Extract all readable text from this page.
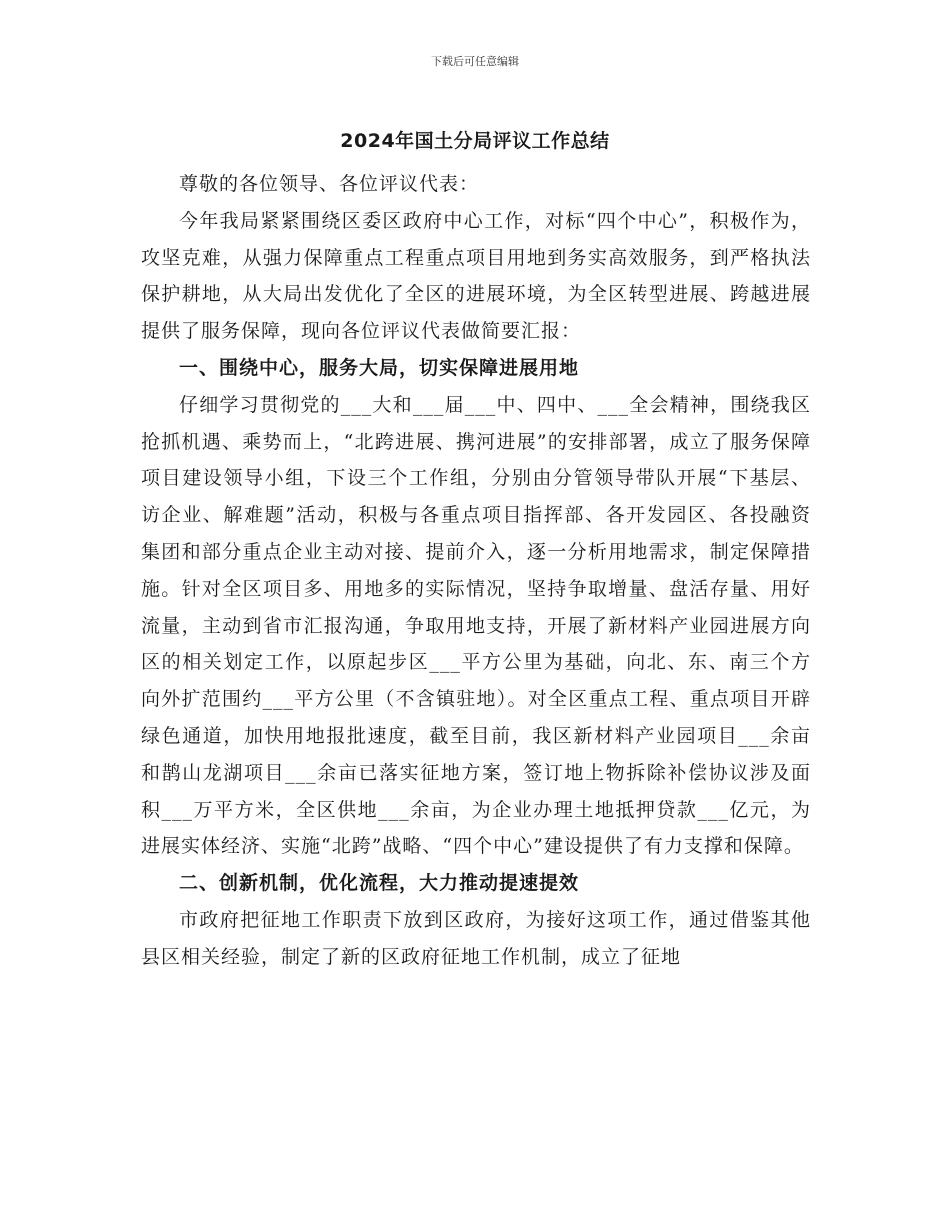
下载后可任意编辑
2024年国土分局评议工作总结

尊敬的各位领导、各位评议代表：

今年我局紧紧围绕区委区政府中心工作，对标“四个中心”，积极作为，攻坚克难，从强力保障重点工程重点项目用地到务实高效服务，到严格执法保护耕地，从大局出发优化了全区的进展环境，为全区转型进展、跨越进展提供了服务保障，现向各位评议代表做简要汇报：

一、围绕中心，服务大局，切实保障进展用地

仔细学习贯彻党的___大和___届___中、四中、___全会精神，围绕我区抢抓机遇、乘势而上，“北跨进展、携河进展”的安排部署，成立了服务保障项目建设领导小组，下设三个工作组，分别由分管领导带队开展“下基层、访企业、解难题”活动，积极与各重点项目指挥部、各开发园区、各投融资集团和部分重点企业主动对接、提前介入，逐一分析用地需求，制定保障措施。针对全区项目多、用地多的实际情况，坚持争取增量、盘活存量、用好流量，主动到省市汇报沟通，争取用地支持，开展了新材料产业园进展方向区的相关划定工作，以原起步区___平方公里为基础，向北、东、南三个方向外扩范围约___平方公里（不含镇驻地）。对全区重点工程、重点项目开辟绿色通道，加快用地报批速度，截至目前，我区新材料产业园项目___余亩和鹊山龙湖项目___余亩已落实征地方案，签订地上物拆除补偿协议涉及面积___万平方米，全区供地___余亩，为企业办理土地抵押贷款___亿元，为进展实体经济、实施“北跨”战略、“四个中心”建设提供了有力支撑和保障。

二、创新机制，优化流程，大力推动提速提效

市政府把征地工作职责下放到区政府，为接好这项工作，通过借鉴其他县区相关经验，制定了新的区政府征地工作机制，成立了征地
